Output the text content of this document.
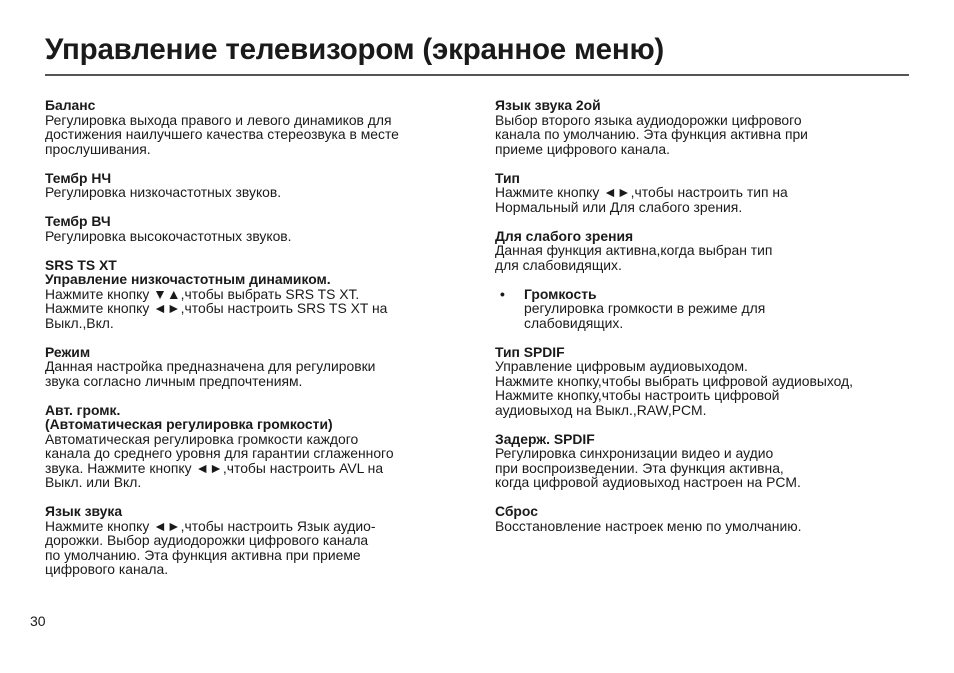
Управление телевизором (экранное меню)
Баланс
Регулировка выхода правого и левого динамиков для
достижения наилучшего качества стереозвука в месте
прослушивания.
Тембр НЧ
Регулировка низкочастотных звуков.
Тембр ВЧ
Регулировка высокочастотных звуков.
SRS TS XT
Управление низкочастотным динамиком.
Нажмите кнопку ▼▲,чтобы выбрать SRS TS XT.
Нажмите кнопку ◄►,чтобы настроить SRS TS XT на
Выкл.,Вкл.
Режим
Данная настройка предназначена для регулировки
звука согласно личным предпочтениям.
Авт. громк.
(Автоматическая регулировка громкости)
Автоматическая регулировка громкости каждого
канала до среднего уровня для гарантии сглаженного
звука. Нажмите кнопку ◄►,чтобы настроить AVL на
Выкл. или Вкл.
Язык звука
Нажмите кнопку ◄►,чтобы настроить Язык аудио-
дорожки. Выбор аудиодорожки цифрового канала
по умолчанию. Эта функция активна при приеме
цифрового канала.
Язык звука 2ой
Выбор второго языка аудиодорожки цифрового
канала по умолчанию. Эта функция активна при
приеме цифрового канала.
Тип
Нажмите кнопку ◄►,чтобы настроить тип на
Нормальный или Для слабого зрения.
Для слабого зрения
Данная функция активна,когда выбран тип
для слабовидящих.
• Громкость
регулировка громкости в режиме для
слабовидящих.
Тип SPDIF
Управление цифровым аудиовыходом.
Нажмите кнопку,чтобы выбрать цифровой аудиовыход,
Нажмите кнопку,чтобы настроить цифровой
аудиовыход на Выкл.,RAW,PCM.
Задерж. SPDIF
Регулировка синхронизации видео и аудио
при воспроизведении. Эта функция активна,
когда цифровой аудиовыход настроен на PCM.
Сброс
Восстановление настроек меню по умолчанию.
30
